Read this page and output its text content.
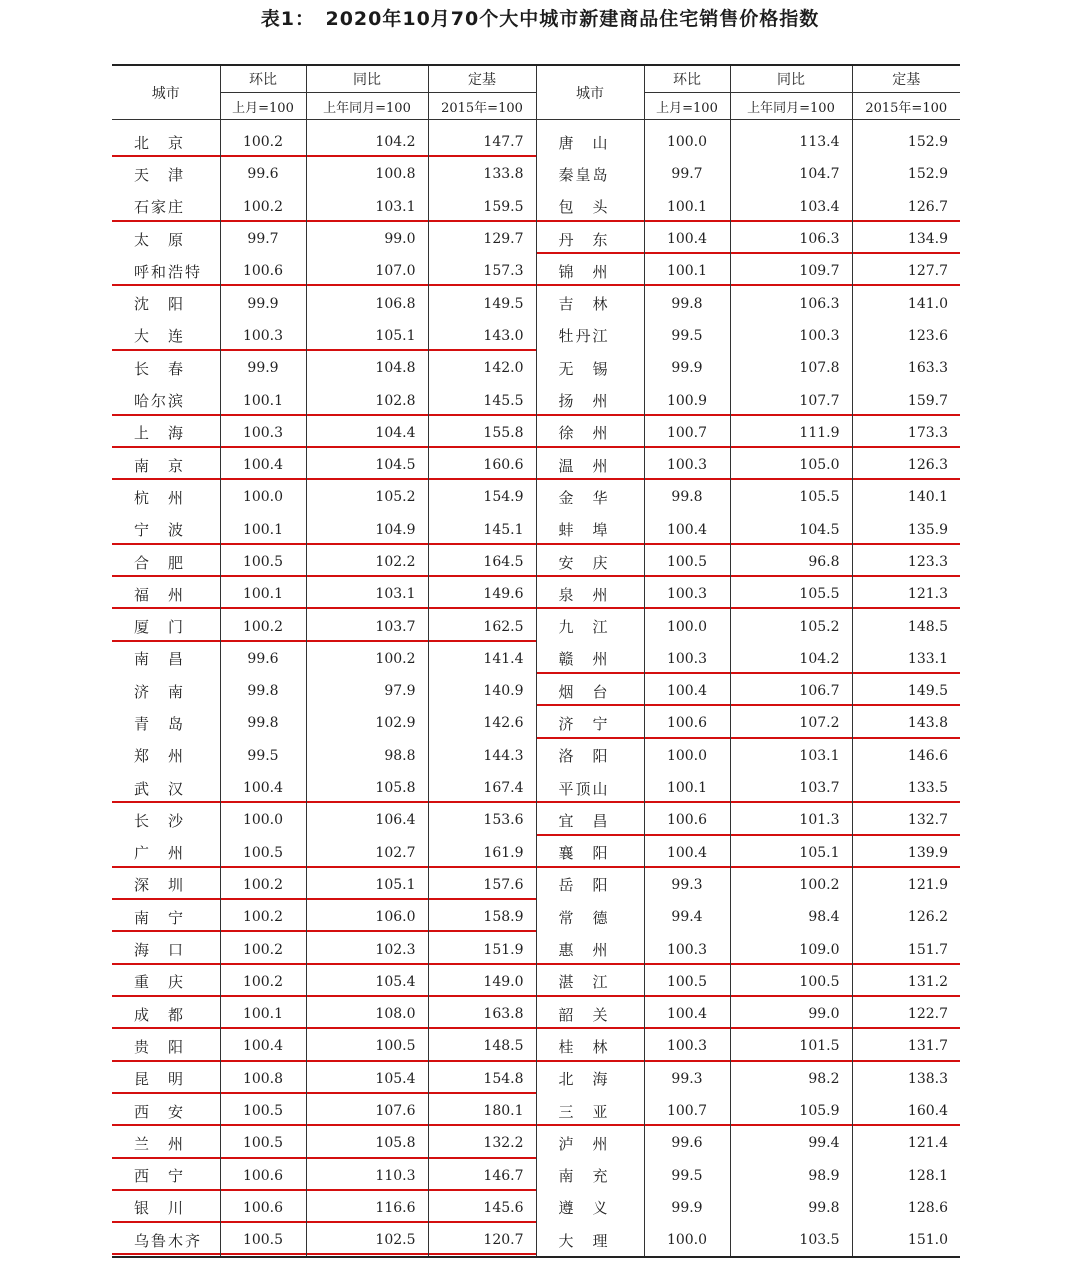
表1：　2020年10月70个大中城市新建商品住宅销售价格指数
城市	环比	同比	定基	城市	环比	同比	定基
	上月=100	上年同月=100	2015年=100		上月=100	上年同月=100	2015年=100
北　京	100.2	104.2	147.7	唐　山	100.0	113.4	152.9
天　津	99.6	100.8	133.8	秦皇岛	99.7	104.7	152.9
石家庄	100.2	103.1	159.5	包　头	100.1	103.4	126.7
太　原	99.7	99.0	129.7	丹　东	100.4	106.3	134.9
呼和浩特	100.6	107.0	157.3	锦　州	100.1	109.7	127.7
沈　阳	99.9	106.8	149.5	吉　林	99.8	106.3	141.0
大　连	100.3	105.1	143.0	牡丹江	99.5	100.3	123.6
长　春	99.9	104.8	142.0	无　锡	99.9	107.8	163.3
哈尔滨	100.1	102.8	145.5	扬　州	100.9	107.7	159.7
上　海	100.3	104.4	155.8	徐　州	100.7	111.9	173.3
南　京	100.4	104.5	160.6	温　州	100.3	105.0	126.3
杭　州	100.0	105.2	154.9	金　华	99.8	105.5	140.1
宁　波	100.1	104.9	145.1	蚌　埠	100.4	104.5	135.9
合　肥	100.5	102.2	164.5	安　庆	100.5	96.8	123.3
福　州	100.1	103.1	149.6	泉　州	100.3	105.5	121.3
厦　门	100.2	103.7	162.5	九　江	100.0	105.2	148.5
南　昌	99.6	100.2	141.4	赣　州	100.3	104.2	133.1
济　南	99.8	97.9	140.9	烟　台	100.4	106.7	149.5
青　岛	99.8	102.9	142.6	济　宁	100.6	107.2	143.8
郑　州	99.5	98.8	144.3	洛　阳	100.0	103.1	146.6
武　汉	100.4	105.8	167.4	平顶山	100.1	103.7	133.5
长　沙	100.0	106.4	153.6	宜　昌	100.6	101.3	132.7
广　州	100.5	102.7	161.9	襄　阳	100.4	105.1	139.9
深　圳	100.2	105.1	157.6	岳　阳	99.3	100.2	121.9
南　宁	100.2	106.0	158.9	常　德	99.4	98.4	126.2
海　口	100.2	102.3	151.9	惠　州	100.3	109.0	151.7
重　庆	100.2	105.4	149.0	湛　江	100.5	100.5	131.2
成　都	100.1	108.0	163.8	韶　关	100.4	99.0	122.7
贵　阳	100.4	100.5	148.5	桂　林	100.3	101.5	131.7
昆　明	100.8	105.4	154.8	北　海	99.3	98.2	138.3
西　安	100.5	107.6	180.1	三　亚	100.7	105.9	160.4
兰　州	100.5	105.8	132.2	泸　州	99.6	99.4	121.4
西　宁	100.6	110.3	146.7	南　充	99.5	98.9	128.1
银　川	100.6	116.6	145.6	遵　义	99.9	99.8	128.6
乌鲁木齐	100.5	102.5	120.7	大　理	100.0	103.5	151.0
